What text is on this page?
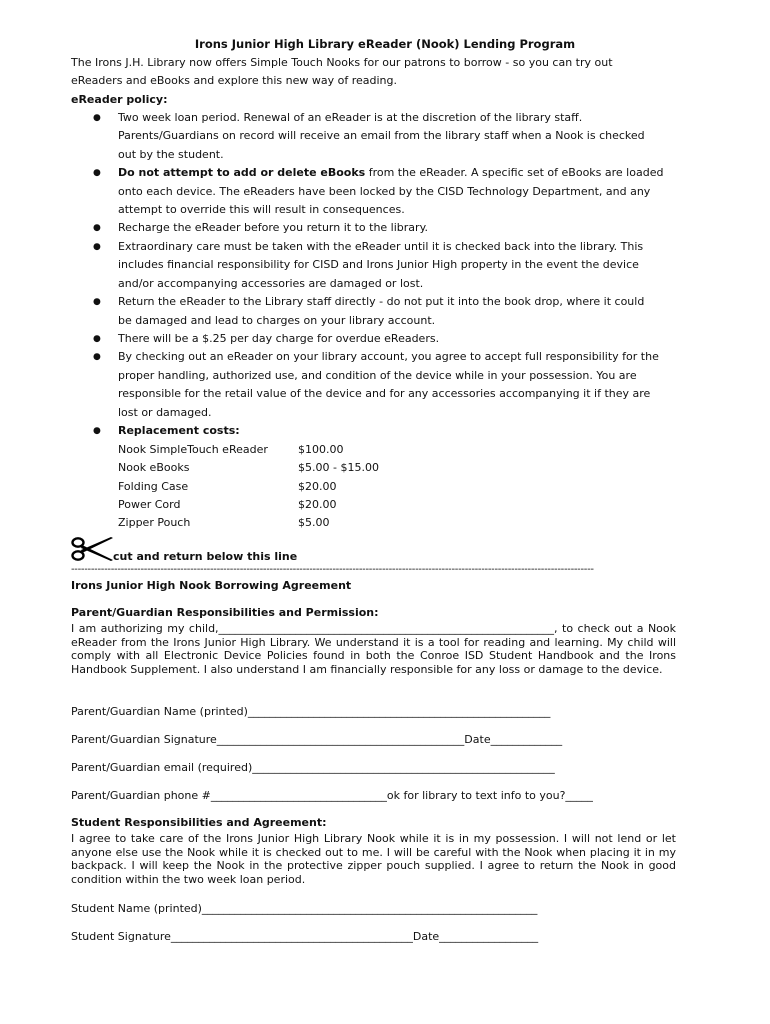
Irons Junior High Library eReader (Nook) Lending Program
The Irons J.H. Library now offers Simple Touch Nooks for our patrons to borrow - so you can try out
eReaders and eBooks and explore this new way of reading.
eReader policy:
● Two week loan period. Renewal of an eReader is at the discretion of the library staff.
Parents/Guardians on record will receive an email from the library staff when a Nook is checked
out by the student.
● Do not attempt to add or delete eBooks from the eReader. A specific set of eBooks are loaded
onto each device. The eReaders have been locked by the CISD Technology Department, and any
attempt to override this will result in consequences.
● Recharge the eReader before you return it to the library.
● Extraordinary care must be taken with the eReader until it is checked back into the library. This
includes financial responsibility for CISD and Irons Junior High property in the event the device
and/or accompanying accessories are damaged or lost.
● Return the eReader to the Library staff directly - do not put it into the book drop, where it could
be damaged and lead to charges on your library account.
● There will be a $.25 per day charge for overdue eReaders.
● By checking out an eReader on your library account, you agree to accept full responsibility for the
proper handling, authorized use, and condition of the device while in your possession. You are
responsible for the retail value of the device and for any accessories accompanying it if they are
lost or damaged.
● Replacement costs:
Nook SimpleTouch eReader	$100.00
Nook eBooks	$5.00 - $15.00
Folding Case	$20.00
Power Cord	$20.00
Zipper Pouch	$5.00
cut and return below this line
--------------------------------------------------------------------------------------------------------------------------------------------------------------
Irons Junior High Nook Borrowing Agreement
Parent/Guardian Responsibilities and Permission:
I am authorizing my child,_____________________________________________________________, to check out a Nook eReader from the Irons Junior High Library. We understand it is a tool for reading and learning. My child will comply with all Electronic Device Policies found in both the Conroe ISD Student Handbook and the Irons Handbook Supplement. I also understand I am financially responsible for any loss or damage to the device.
Parent/Guardian Name (printed)_______________________________________________________
Parent/Guardian Signature_____________________________________________Date_____________
Parent/Guardian email (required)_______________________________________________________
Parent/Guardian phone #________________________________ok for library to text info to you?_____
Student Responsibilities and Agreement:
I agree to take care of the Irons Junior High Library Nook while it is in my possession. I will not lend or let anyone else use the Nook while it is checked out to me. I will be careful with the Nook when placing it in my backpack. I will keep the Nook in the protective zipper pouch supplied. I agree to return the Nook in good condition within the two week loan period.
Student Name (printed)_____________________________________________________________
Student Signature____________________________________________Date__________________
